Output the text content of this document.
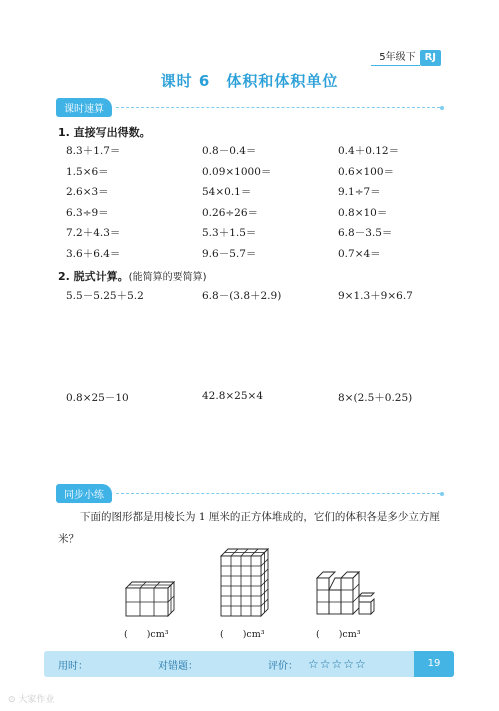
5年级下 RJ
课时 6　体积和体积单位
课时速算
1. 直接写出得数。
8.3＋1.7＝	0.8－0.4＝	0.4＋0.12＝
1.5×6＝	0.09×1000＝	0.6×100＝
2.6×3＝	54×0.1＝	9.1÷7＝
6.3÷9＝	0.26÷26＝	0.8×10＝
7.2＋4.3＝	5.3＋1.5＝	6.8－3.5＝
3.6＋6.4＝	9.6－5.7＝	0.7×4＝
2. 脱式计算。(能简算的要简算)
5.5－5.25＋5.2	6.8－(3.8＋2.9)	9×1.3＋9×6.7
0.8×25－10	42.8×25×4	8×(2.5＋0.25)
同步小练
下面的图形都是用棱长为 1 厘米的正方体堆成的，它们的体积各是多少立方厘米？
(　　)cm³	(　　)cm³	(　　)cm³
用时：	对错题：	评价： ☆☆☆☆☆	19
⊙ 大家作业
